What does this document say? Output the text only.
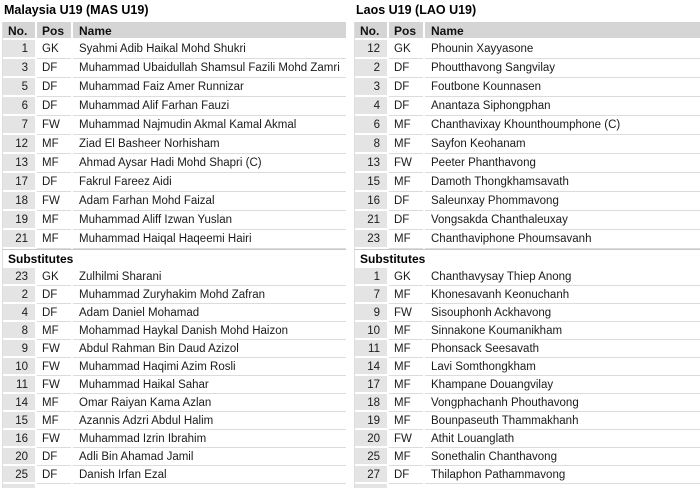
Malaysia U19 (MAS U19)
No.	Pos	Name
1	GK	Syahmi Adib Haikal Mohd Shukri
3	DF	Muhammad Ubaidullah Shamsul Fazili Mohd Zamri
5	DF	Muhammad Faiz Amer Runnizar
6	DF	Muhammad Alif Farhan Fauzi
7	FW	Muhammad Najmudin Akmal Kamal Akmal
12	MF	Ziad El Basheer Norhisham
13	MF	Ahmad Aysar Hadi Mohd Shapri (C)
17	DF	Fakrul Fareez Aidi
18	FW	Adam Farhan Mohd Faizal
19	MF	Muhammad Aliff Izwan Yuslan
21	MF	Muhammad Haiqal Haqeemi Hairi
Substitutes
23	GK	Zulhilmi Sharani
2	DF	Muhammad Zuryhakim Mohd Zafran
4	DF	Adam Daniel Mohamad
8	MF	Mohammad Haykal Danish Mohd Haizon
9	FW	Abdul Rahman Bin Daud Azizol
10	FW	Muhammad Haqimi Azim Rosli
11	FW	Muhammad Haikal Sahar
14	MF	Omar Raiyan Kama Azlan
15	MF	Azannis Adzri Abdul Halim
16	FW	Muhammad Izrin Ibrahim
20	DF	Adli Bin Ahamad Jamil
25	DF	Danish Irfan Ezal
Laos U19 (LAO U19)
No.	Pos	Name
12	GK	Phounin Xayyasone
2	DF	Phoutthavong Sangvilay
3	DF	Foutbone Kounnasen
4	DF	Anantaza Siphongphan
6	MF	Chanthavixay Khounthoumphone (C)
8	MF	Sayfon Keohanam
13	FW	Peeter Phanthavong
15	MF	Damoth Thongkhamsavath
16	DF	Saleunxay Phommavong
21	DF	Vongsakda Chanthaleuxay
23	MF	Chanthaviphone Phoumsavanh
Substitutes
1	GK	Chanthavysay Thiep Anong
7	MF	Khonesavanh Keonuchanh
9	FW	Sisouphonh Ackhavong
10	MF	Sinnakone Koumanikham
11	MF	Phonsack Seesavath
14	MF	Lavi Somthongkham
17	MF	Khampane Douangvilay
18	MF	Vongphachanh Phouthavong
19	MF	Bounpaseuth Thammakhanh
20	FW	Athit Louanglath
25	MF	Sonethalin Chanthavong
27	DF	Thilaphon Pathammavong
